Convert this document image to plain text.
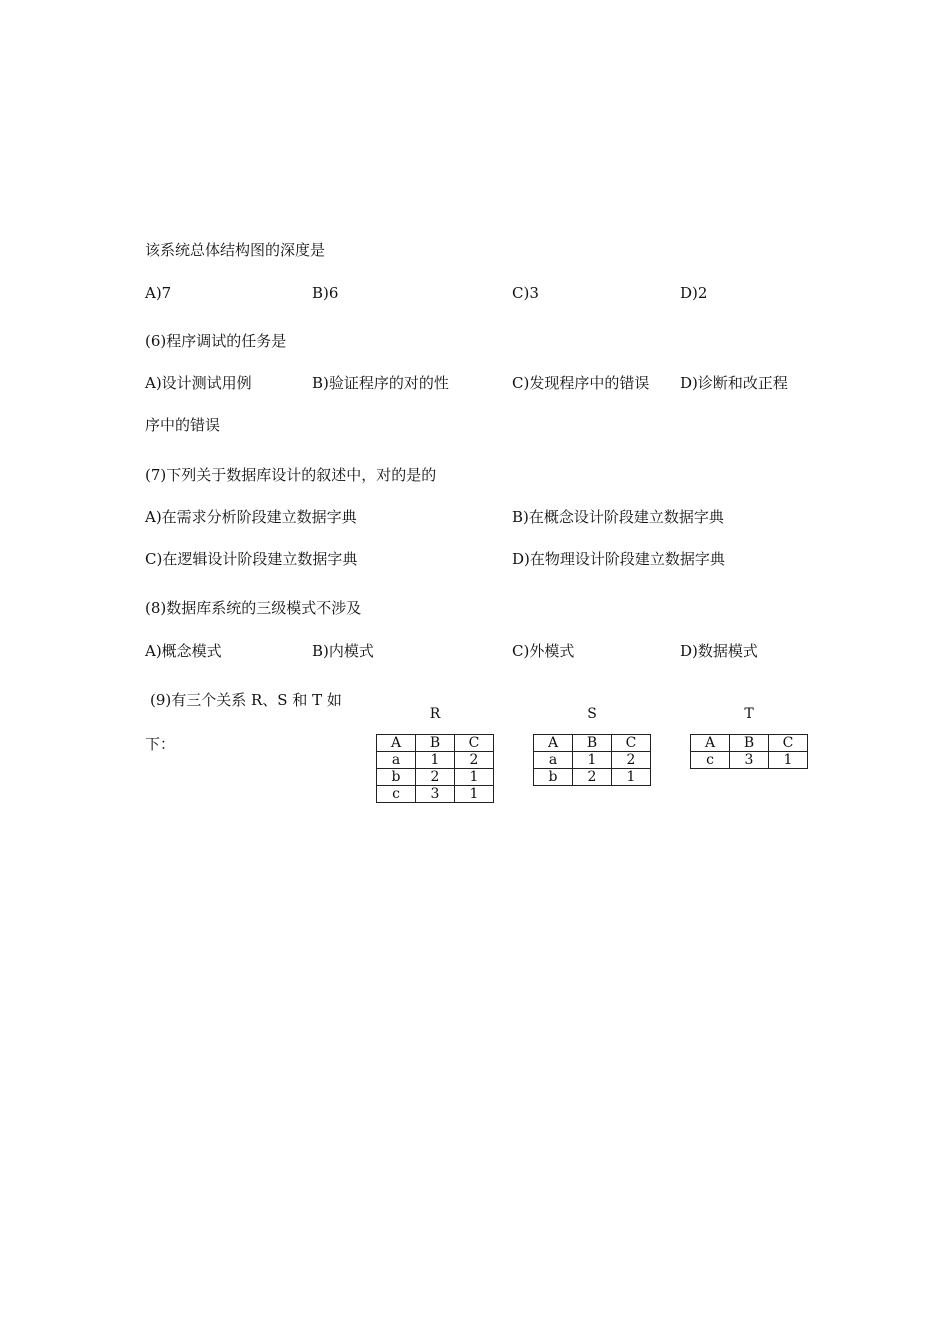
该系统总体结构图的深度是
A)7	B)6	C)3	D)2
(6)程序调试的任务是
A)设计测试用例	B)验证程序的对的性	C)发现程序中的错误 D)诊断和改正程
序中的错误
(7)下列关于数据库设计的叙述中，对的是的
A)在需求分析阶段建立数据字典	B)在概念设计阶段建立数据字典
C)在逻辑设计阶段建立数据字典	D)在物理设计阶段建立数据字典
(8)数据库系统的三级模式不涉及
A)概念模式	B)内模式	C)外模式	D)数据模式
(9)有三个关系 R、S 和 T 如
下：
R
A	B	C
a	1	2
b	2	1
c	3	1
S
A	B	C
a	1	2
b	2	1
T
A	B	C
c	3	1
